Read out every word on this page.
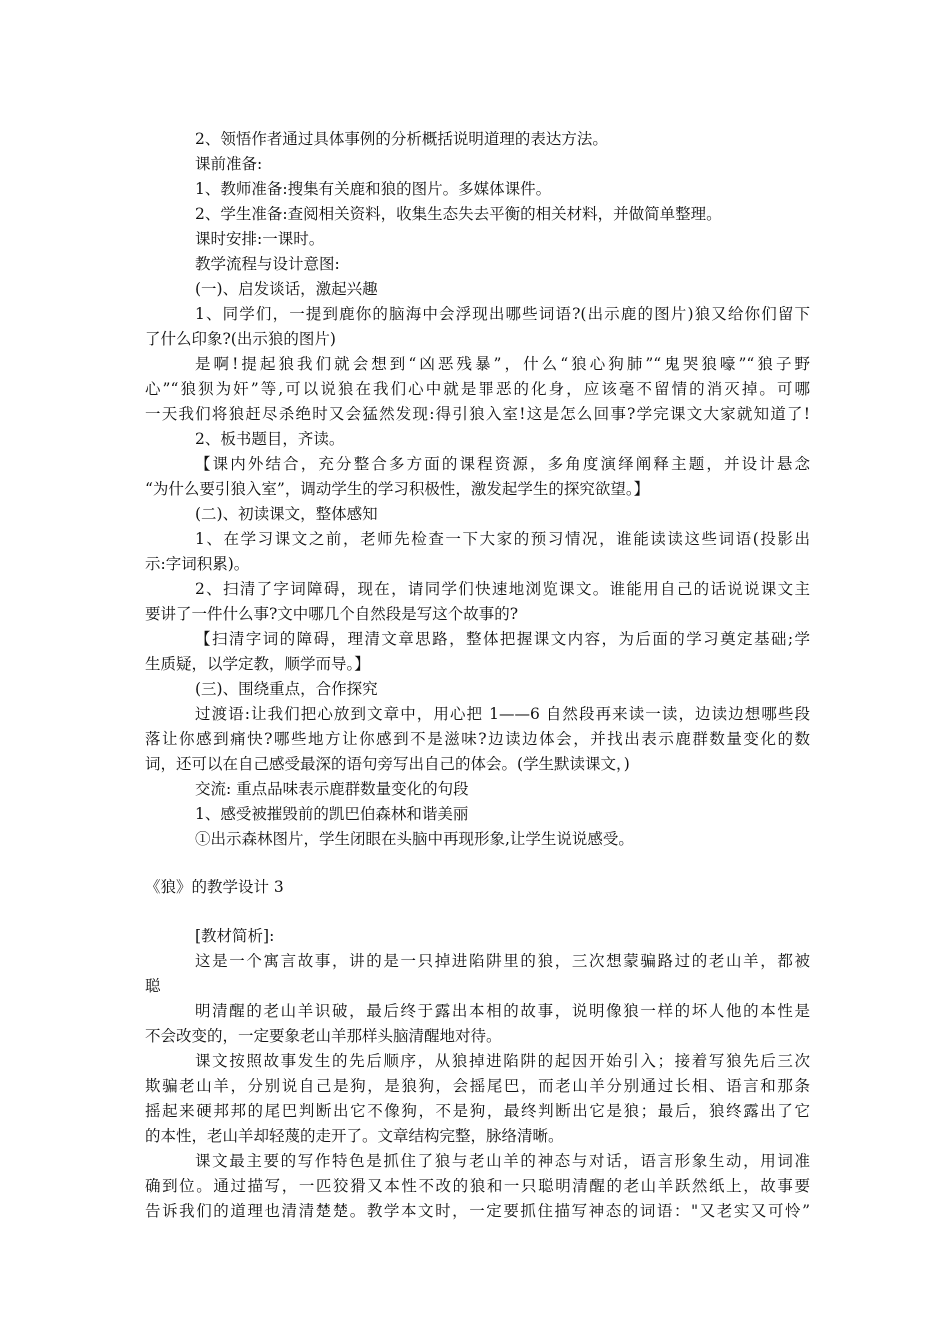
2、领悟作者通过具体事例的分析概括说明道理的表达方法。
课前准备:
1、教师准备:搜集有关鹿和狼的图片。多媒体课件。
2、学生准备:查阅相关资料，收集生态失去平衡的相关材料，并做简单整理。
课时安排:一课时。
教学流程与设计意图:
(一)、启发谈话，激起兴趣
1、同学们，一提到鹿你的脑海中会浮现出哪些词语?(出示鹿的图片)狼又给你们留下
了什么印象?(出示狼的图片)
是啊!提起狼我们就会想到“凶恶残暴”，什么“狼心狗肺”“鬼哭狼嚎”“狼子野
心”“狼狈为奸”等,可以说狼在我们心中就是罪恶的化身，应该毫不留情的消灭掉。可哪
一天我们将狼赶尽杀绝时又会猛然发现:得引狼入室!这是怎么回事?学完课文大家就知道了!
2、板书题目，齐读。
【课内外结合，充分整合多方面的课程资源，多角度演绎阐释主题，并设计悬念
“为什么要引狼入室”，调动学生的学习积极性，激发起学生的探究欲望。】
(二)、初读课文，整体感知
1、在学习课文之前，老师先检查一下大家的预习情况，谁能读读这些词语(投影出
示:字词积累)。
2、扫清了字词障碍，现在，请同学们快速地浏览课文。谁能用自己的话说说课文主
要讲了一件什么事?文中哪几个自然段是写这个故事的?
【扫清字词的障碍，理清文章思路，整体把握课文内容，为后面的学习奠定基础;学
生质疑，以学定教，顺学而导。】
(三)、围绕重点，合作探究
过渡语:让我们把心放到文章中，用心把 1——6 自然段再来读一读，边读边想哪些段
落让你感到痛快?哪些地方让你感到不是滋味?边读边体会，并找出表示鹿群数量变化的数
词，还可以在自己感受最深的语句旁写出自己的体会。(学生默读课文，)
交流: 重点品味表示鹿群数量变化的句段
1、感受被摧毁前的凯巴伯森林和谐美丽
①出示森林图片，学生闭眼在头脑中再现形象,让学生说说感受。
《狼》的教学设计 3
[教材简析]:
这是一个寓言故事，讲的是一只掉进陷阱里的狼，三次想蒙骗路过的老山羊，都被
聪
明清醒的老山羊识破，最后终于露出本相的故事，说明像狼一样的坏人他的本性是
不会改变的，一定要象老山羊那样头脑清醒地对待。
课文按照故事发生的先后顺序，从狼掉进陷阱的起因开始引入；接着写狼先后三次
欺骗老山羊，分别说自己是狗，是狼狗，会摇尾巴，而老山羊分别通过长相、语言和那条
摇起来硬邦邦的尾巴判断出它不像狗，不是狗，最终判断出它是狼；最后，狼终露出了它
的本性，老山羊却轻蔑的走开了。文章结构完整，脉络清晰。
课文最主要的写作特色是抓住了狼与老山羊的神态与对话，语言形象生动，用词准
确到位。通过描写，一匹狡猾又本性不改的狼和一只聪明清醒的老山羊跃然纸上，故事要
告诉我们的道理也清清楚楚。教学本文时，一定要抓住描写神态的词语："又老实又可怜”
